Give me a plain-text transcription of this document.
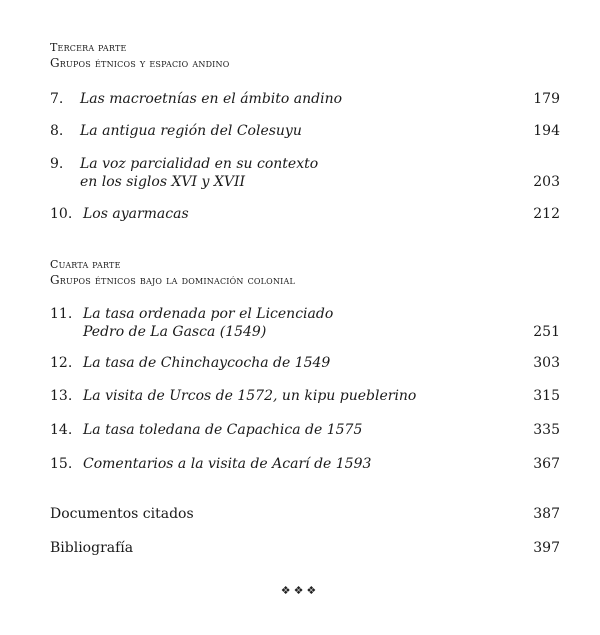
Tercera parte
Grupos étnicos y espacio andino
7. Las macroetnías en el ámbito andino	179
8. La antigua región del Colesuyu	194
9. La voz parcialidad en su contexto
en los siglos XVI y XVII	203
10. Los ayarmacas	212
Cuarta parte
Grupos étnicos bajo la dominación colonial
11. La tasa ordenada por el Licenciado
Pedro de La Gasca (1549)	251
12. La tasa de Chinchaycocha de 1549	303
13. La visita de Urcos de 1572, un kipu pueblerino	315
14. La tasa toledana de Capachica de 1575	335
15. Comentarios a la visita de Acarí de 1593	367
Documentos citados	387
Bibliografía	397
❖❖❖
